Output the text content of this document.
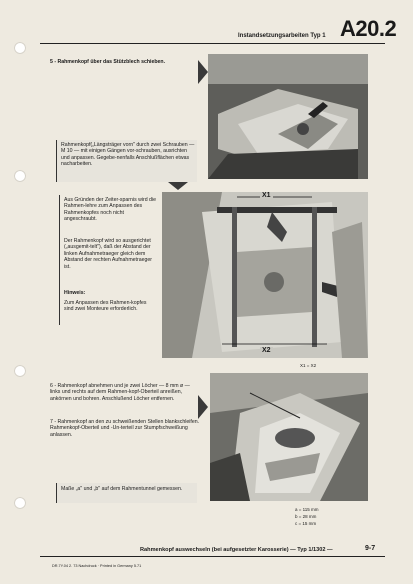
Instandsetzungsarbeiten Typ 1 A20.2
5 - Rahmenkopf über das Stützblech schieben.
Rahmenkopf(„Längsträger vorn" durch zwei Schrauben — M 10 — mit einigen Gängen vor-schrauben, ausrichten und anpassen. Gegebe-nenfalls Anschlußflächen etwas nacharbeiten.
Aus Gründen der Zeiter-sparnis wird die Rahmen-lehre zum Anpassen des Rahmenkopfes noch nicht angeschraubt.
Der Rahmenkopf wird so ausgerichtet („ausgemit-telt"), daß der Abstand der linken Aufnahmetraeger gleich dem Abstand der rechten Aufnahmetraeger ist.
Hinweis:
Zum Anpassen des Rahmen-kopfes sind zwei Monteure erforderlich.
X1
X2
X1 = X2
6 - Rahmenkopf abnehmen und je zwei Löcher — 8 mm ø — links und rechts auf dem Rahmen-kopf-Oberteil anreißen, ankörnen und bohren. Anschlußend Löcher entfernen.
7 - Rahmenkopf an den zu schweißenden Stellen blankschleifen. Rahmenkopf-Oberteil und -Un-terteil zur Stumpfschweißung anlassen.
Maße „a" und „b" auf dem Rahmentunnel gemessen.
a = 115 mm
b = 28 mm
c = 15 mm
Rahmenkopf auswechseln (bei aufgesetzter Karosserie) — Typ 1/1302 —	9-7
DR.7Y.04 2. 73 Nachdruck · Printed in Germany 5.71
